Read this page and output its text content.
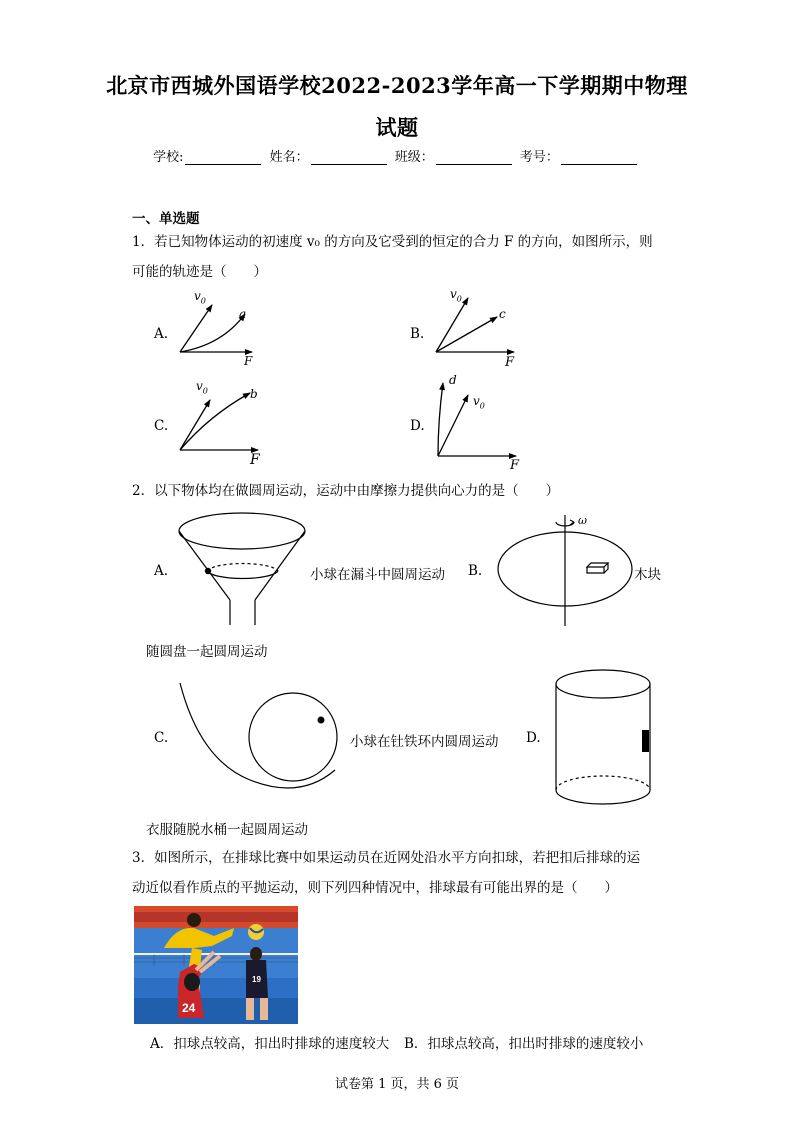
北京市西城外国语学校2022-2023学年高一下学期期中物理
试题
学校:	姓名：	班级：	考号：
一、单选题
1．若已知物体运动的初速度 v₀ 的方向及它受到的恒定的合力 F 的方向，如图所示，则
可能的轨迹是（　　）
A.	B.
C.	D.
$v_0$
a
F
$v_0$
c
F
$v_0$	b
F
d
$v_0$
F
2．以下物体均在做圆周运动，运动中由摩擦力提供向心力的是（　　）
A.	小球在漏斗中圆周运动 B.	木块
ω
随圆盘一起圆周运动
C.	小球在钍铁环内圆周运动 D.
衣服随脱水桶一起圆周运动
3．如图所示，在排球比赛中如果运动员在近网处沿水平方向扣球，若把扣后排球的运
动近似看作质点的平抛运动，则下列四种情况中，排球最有可能出界的是（　　）
24
19
A．扣球点较高，扣出时排球的速度较大 B．扣球点较高，扣出时排球的速度较小
试卷第 1 页，共 6 页
